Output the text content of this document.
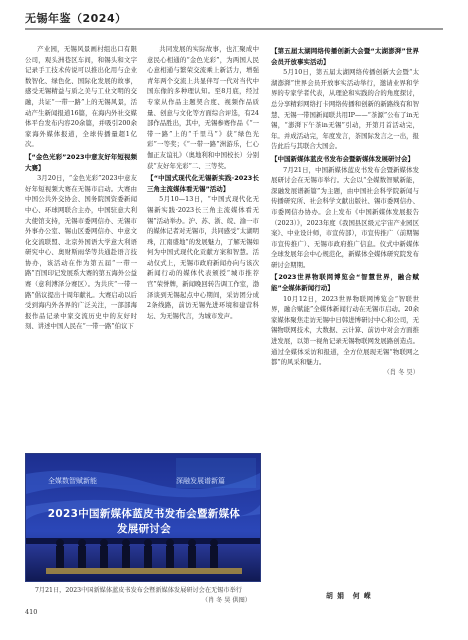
无锡年鉴（2024）

产业园，无锡风景画村组出口有限公司，观头洲巷区车间，和锡头和文字记录手工技术传说可以推出化用与企业数智化、绿色化、国际化发展的故事，感受无锡精益与质之美与工业文明的交融，共证“一带一路”上的无锡风景，活动产生新闻报道16篇，在海内外社交媒体平台发布内容20余篇，并吸引200余家海外媒体报道，全球传播量超1亿次。

【“金色光彩”2023中意友好年短视频大赛】

3月20日，“金色光彩”2023中意友好年短视频大赛在无锡市启动。大赛由中国公共外交协会、国务院国资委新闻中心、环球网联合主办，中国驻意大利大使馆支持，无锡市委网信办、无锡市外事办公室、锡山区委网信办、中意文化交流联盟、北京外国语大学意大利语研究中心、奥财斯雨华等共通赴语言技协办，该活动在作为第五届“一带一路”百国印记发展系大赛的第五海外公益赛（意利溥泽分赛区）。为共庆“一带一路”倡议提出十周年献礼。大赛启动以后受到海内外各界的广泛关注，一部部海报作品记录中家交流历史中的友好时刻、讲述中国人民在“一带一路”伯议下

共同发展的实际故事，也汇聚成中意民心相通的“金色光彩”，为两国人民心意相通与繁荣交流乘上新活力，增强青年两个交流上共显伴写一代对当代中国东像的多种理认知。至8月底，经过专家从作品主题契合度、视频作品质量、创意与文化等方面综合评选，有24部作品胜出，其中，无锡参赛作品《“一带一路”上的“千里马”》获“绿色光彩”一等奖；《“一带一路”洲游乐，仁心伽正友谊礼》（奥地利和中国校长）分别获“友好年光彩”二、三等奖。

【“中国式现代化无锡新实践·2023长三角主流媒体看无锡”活动】

5月10—13日，“中国式现代化无锡新实践·2023长三角主流媒体看无锡”活动举办。沪、苏、浙、皖、渝一市的媒体记者对无锡市，共同感受“太湖明珠，江南盛地”的发展魅力，了解无锡如何为中国式现代化贡献方案和智慧。活动仅式上，无锡市政府新闻办向与该次新闻行动的媒体代表颁授“城市推荐官”荣誉牌，新闻晚回转告调工作室，渤泽谈到无锡起点中心期间，采访团分成2条线路，前访无锡先进环境和建营科坛、为无锡代言，为城市发声。

【第五届太湖网络传播创新大会暨“太湖澎湃”世界会员开放事实活动】

5月10日，第五届太湖网络传播创新大会暨“太湖澎湃”世界会员开放事实活动举行，邀请业界和学界的专家学者代表，从理论和实践的合的角度探讨，总分享精彩网络打卡网络传播和创新的新路线有和智慧、无锡一带国新闻联共用IP——“茶源”公布了in无锡，“澎湃下午茶in无锡”引动，开第月首活动完，年。并成活动完，年度发言，茶国际发言之一出，报告此后与其联合大国会。

【中国新媒体蓝皮书发布会暨新媒体发展研讨会】

7月21日，中国新媒体蓝皮书发布会暨新媒体发展研讨会在无锡市举行。大会以“全媒数智赋新能，深融发展谱新篇”为主题，由中国社会科学院新闻与传播研究所、社会科学文献出版社、锡市委网信办、市委网信办协办。会上发布《中国新媒体发展报告（2023）》，2023年度《我国县区级元宇宙产业园区案》、中业设计师，市宣传部），市宣传推广（前期锡市宣传推广）、无锡市政府推广信息。仪式中新媒体全球发展年会中心规范化，新媒体全媒体研究院发布研讨会期期。

【2023世界物联网博览会“智慧世界，融合赋能”全媒体新闻行动】

10月12日，2023世界物联网博览会“智联世界，融合赋能”全媒体新闻行动在无锡市启动。20余家媒体聚焦走访无锡中日韩进博研讨中心和公司，无锡物联网技术，大数据、云计算、前访中对会方面推进发展，以第一视角记录无锡物联网发展路创造点。通过全媒体采访和报道，全方位展现无锡“物联网之都”的风采和魅力。

（肖 冬 昊）

2023中国新媒体蓝皮书发布会暨新媒体发展研讨会
全媒数智赋新能	深融发展谱新篇
7月21日，2023中国新媒体蓝皮书发布会暨新媒体发展研讨会在无锡市举行
（肖 冬 昊 供图）
胡 娟　何 嵘
410
